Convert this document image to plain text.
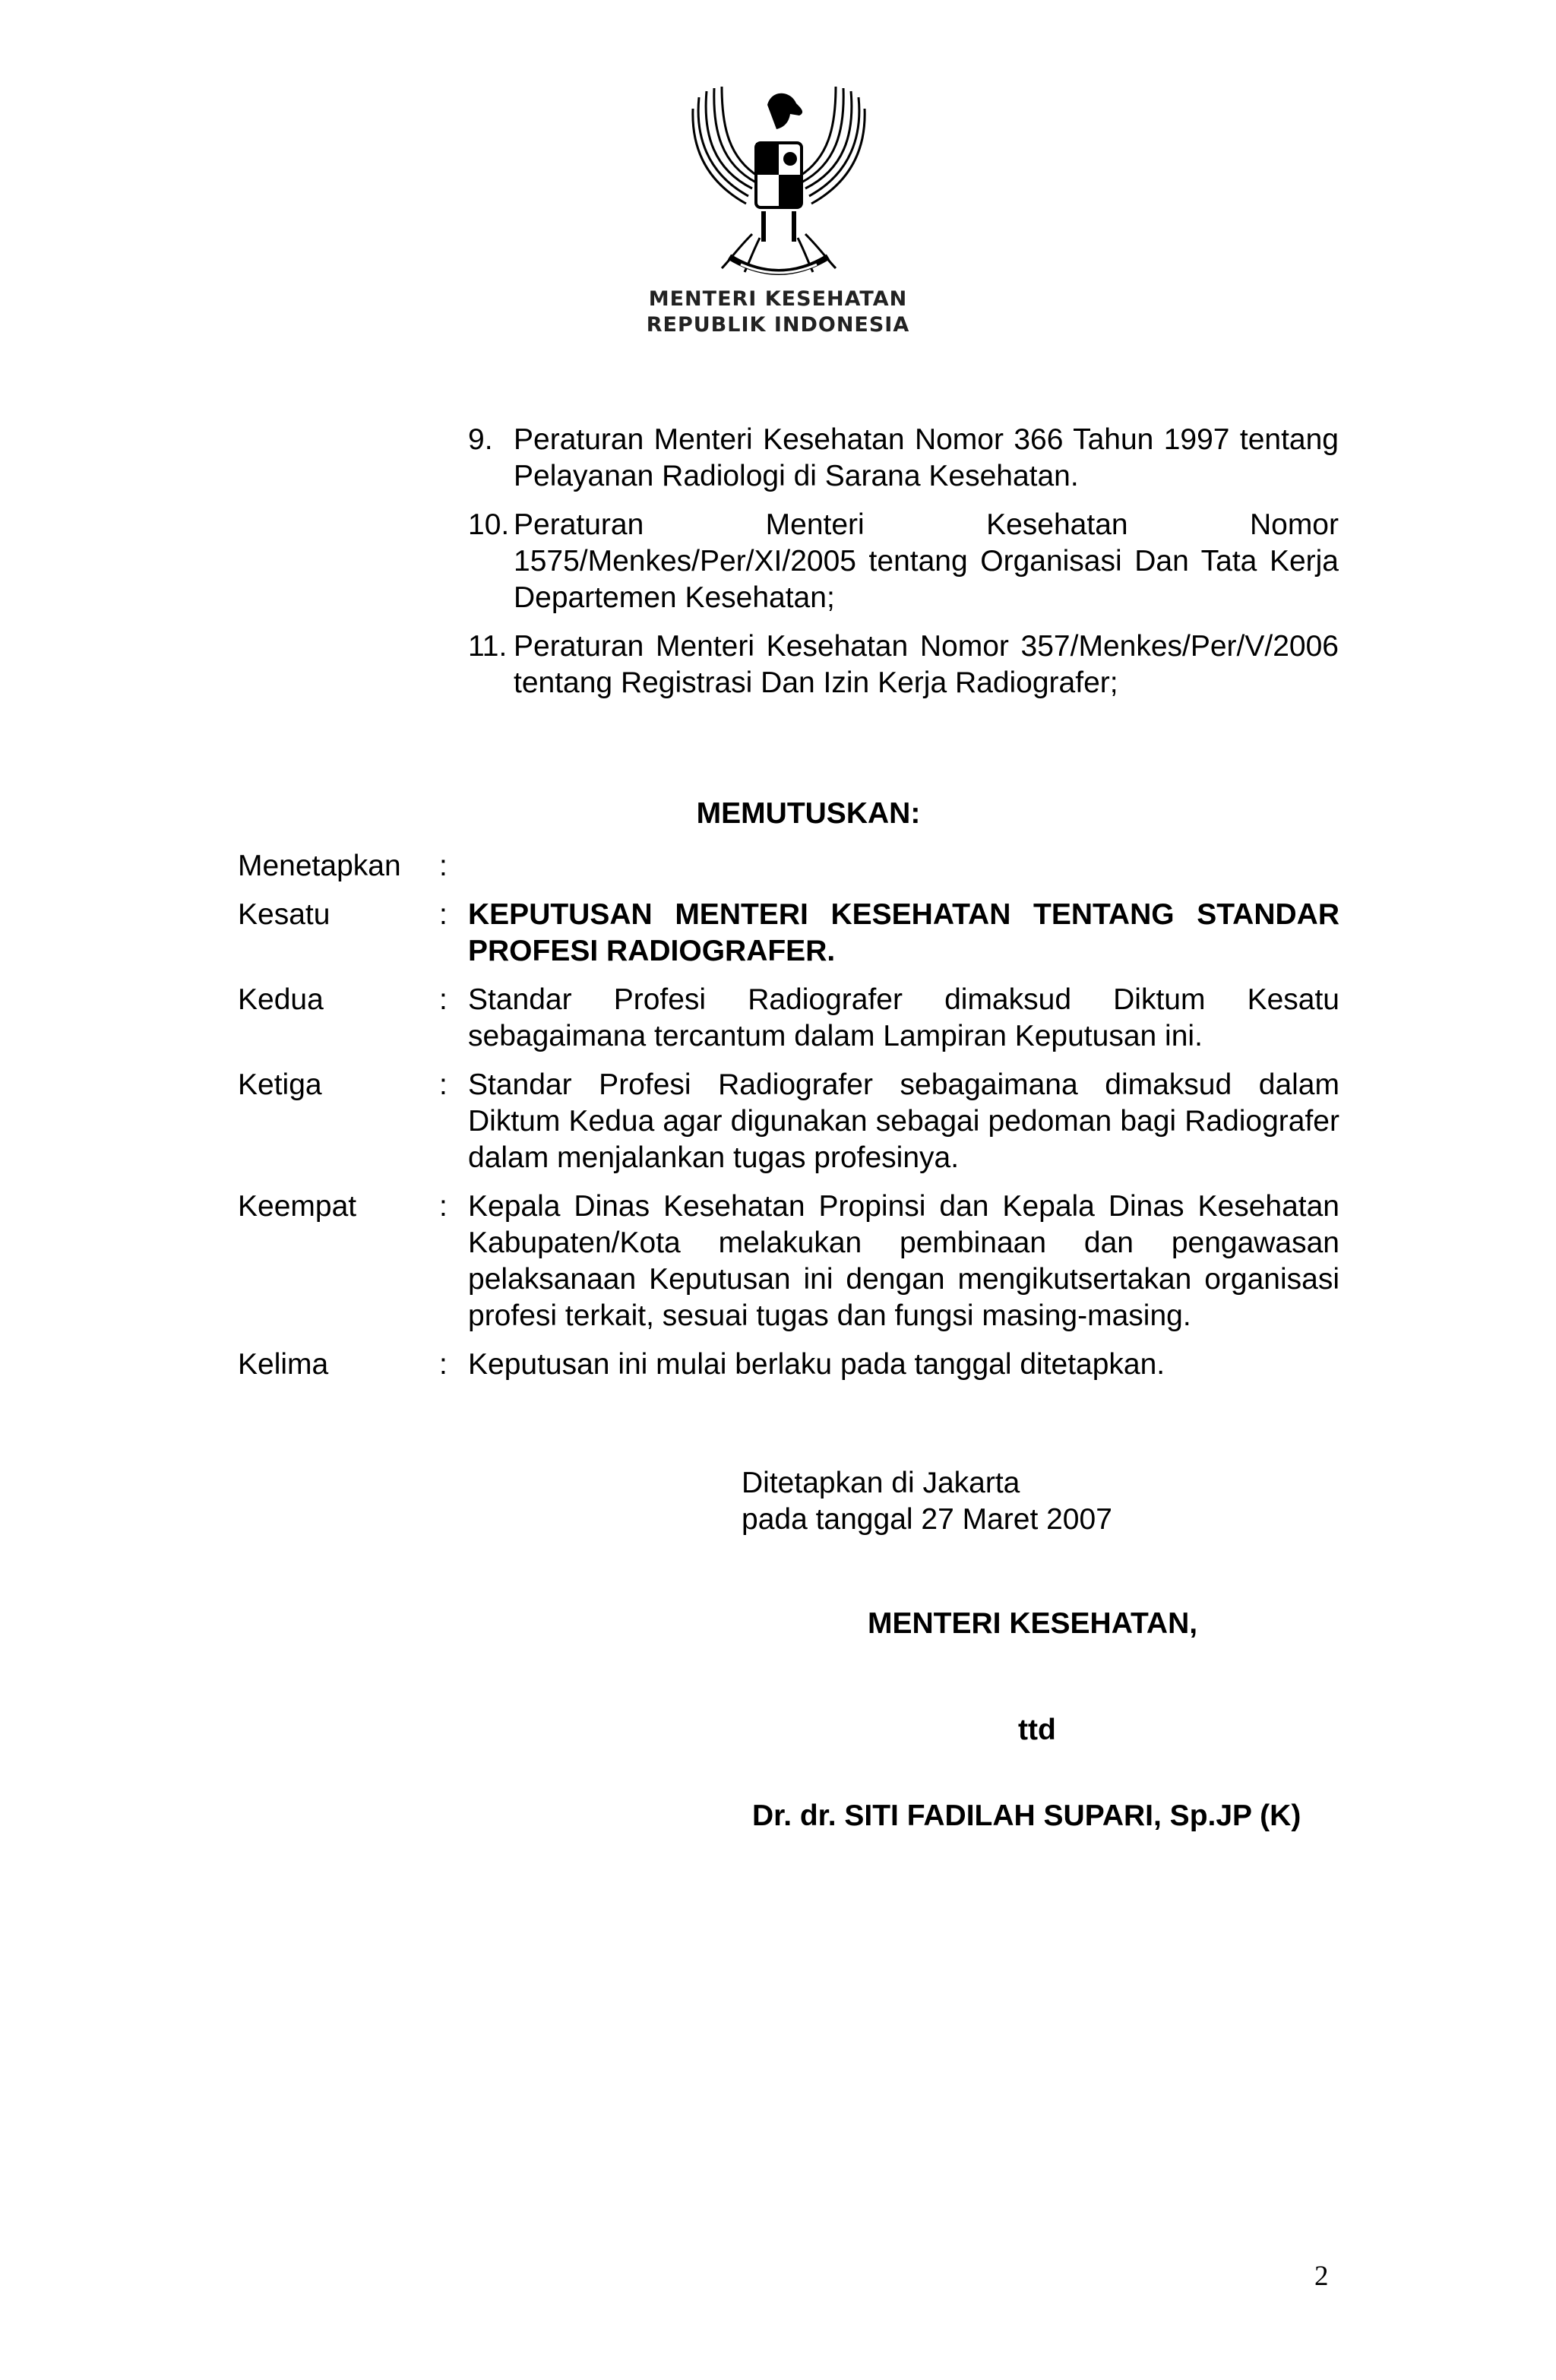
MENTERI KESEHATAN
REPUBLIK INDONESIA
9. Peraturan Menteri Kesehatan Nomor 366 Tahun 1997 tentang Pelayanan Radiologi di Sarana Kesehatan.
10. Peraturan Menteri Kesehatan Nomor 1575/Menkes/Per/XI/2005 tentang Organisasi Dan Tata Kerja Departemen Kesehatan;
11. Peraturan Menteri Kesehatan Nomor 357/Menkes/Per/V/2006 tentang Registrasi Dan Izin Kerja Radiografer;
MEMUTUSKAN:
Menetapkan	:
Kesatu	: KEPUTUSAN MENTERI KESEHATAN TENTANG STANDAR PROFESI RADIOGRAFER.
Kedua	: Standar Profesi Radiografer dimaksud Diktum Kesatu sebagaimana tercantum dalam Lampiran Keputusan ini.
Ketiga	: Standar Profesi Radiografer sebagaimana dimaksud dalam Diktum Kedua agar digunakan sebagai pedoman bagi Radiografer dalam menjalankan tugas profesinya.
Keempat	: Kepala Dinas Kesehatan Propinsi dan Kepala Dinas Kesehatan Kabupaten/Kota melakukan pembinaan dan pengawasan pelaksanaan Keputusan ini dengan mengikutsertakan organisasi profesi terkait, sesuai tugas dan fungsi masing-masing.
Kelima	: Keputusan ini mulai berlaku pada tanggal ditetapkan.
Ditetapkan di Jakarta
pada tanggal 27 Maret 2007
MENTERI KESEHATAN,
ttd
Dr. dr. SITI FADILAH SUPARI, Sp.JP (K)
2
